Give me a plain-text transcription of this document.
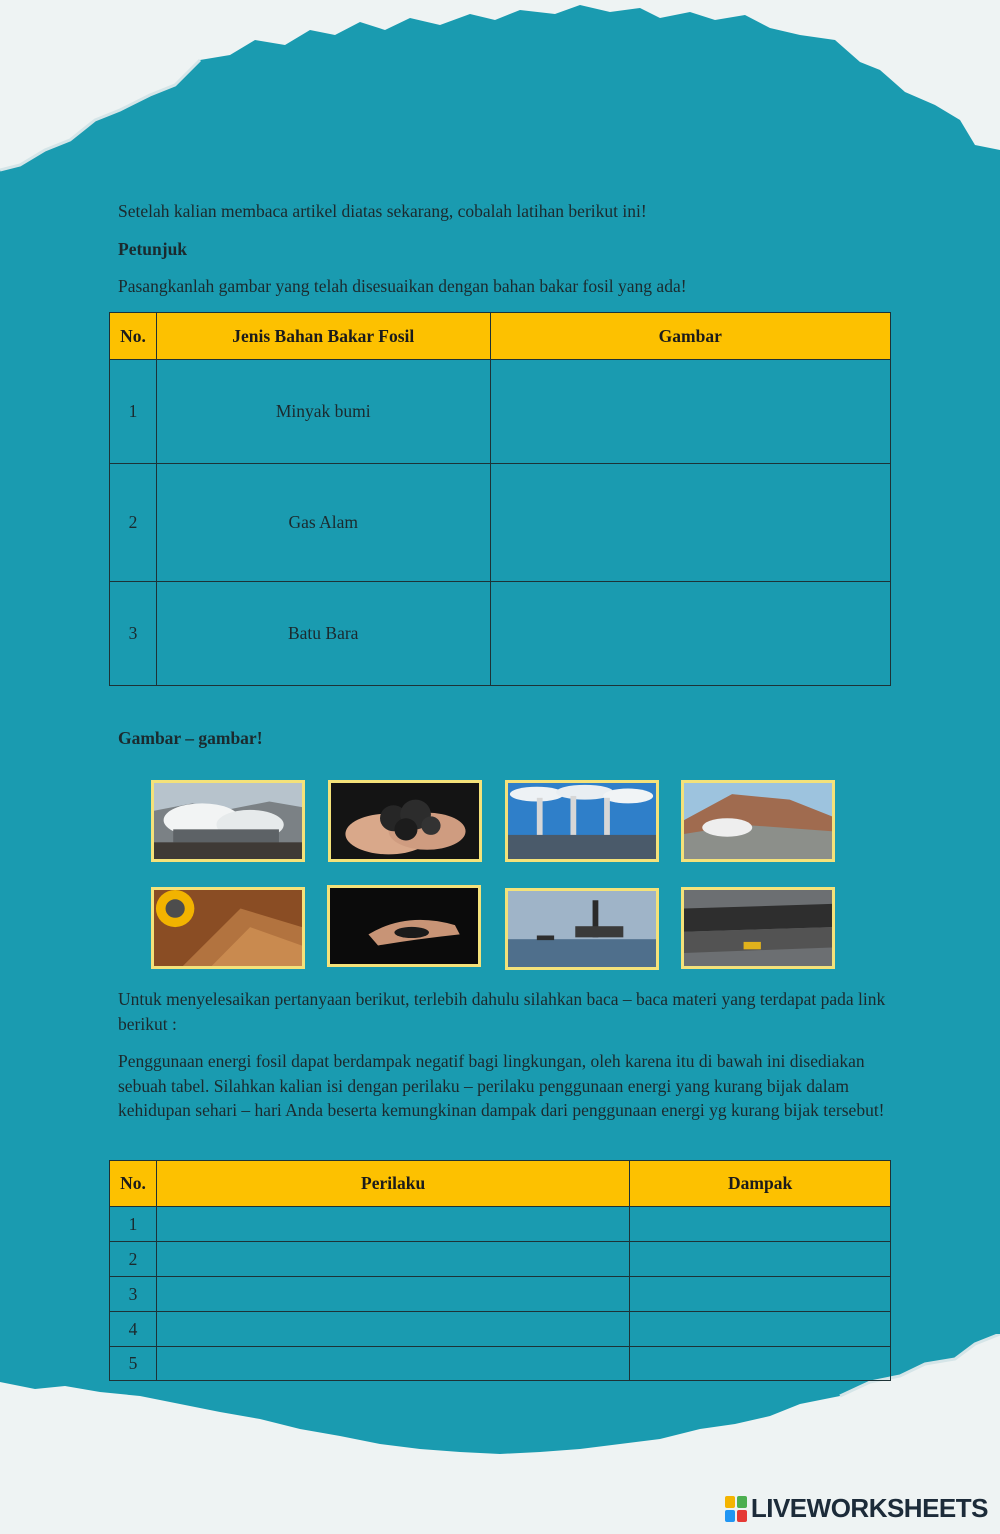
Setelah kalian membaca artikel diatas sekarang, cobalah latihan berikut ini!

Petunjuk

Pasangkanlah gambar yang telah disesuaikan dengan bahan bakar fosil yang ada!

No.	Jenis Bahan Bakar Fosil	Gambar
1	Minyak bumi	
2	Gas Alam	
3	Batu Bara	

Gambar – gambar!

Untuk menyelesaikan pertanyaan berikut, terlebih dahulu silahkan baca – baca materi yang terdapat pada link berikut :

Penggunaan energi fosil dapat berdampak negatif bagi lingkungan, oleh karena itu di bawah ini disediakan sebuah tabel. Silahkan kalian isi dengan perilaku – perilaku penggunaan energi yang kurang bijak dalam kehidupan sehari – hari Anda beserta kemungkinan dampak dari penggunaan energi yg kurang bijak tersebut!

No.	Perilaku	Dampak
1		
2		
3		
4		
5		
LIVEWORKSHEETS
